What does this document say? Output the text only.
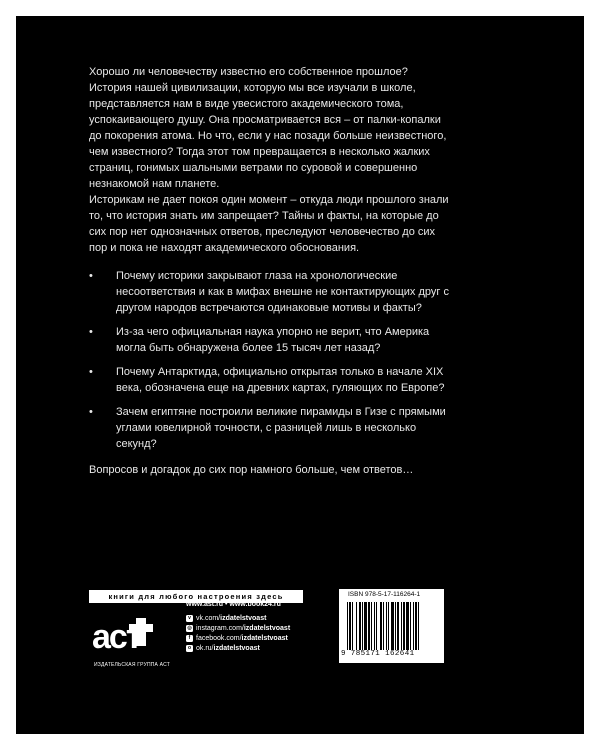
Хорошо ли человечеству известно его собственное прошлое? История нашей цивилизации, которую мы все изучали в школе, представляется нам в виде увесистого академического тома, успокаивающего душу. Она просматривается вся – от палки-копалки до покорения атома. Но что, если у нас позади больше неизвестного, чем известного? Тогда этот том превращается в несколько жалких страниц, гонимых шальными ветрами по суровой и совершенно незнакомой нам планете.

Историкам не дает покоя один момент – откуда люди прошлого знали то, что история знать им запрещает? Тайны и факты, на которые до сих пор нет однозначных ответов, преследуют человечество до сих пор и пока не находят академического обоснования.

• Почему историки закрывают глаза на хронологические несоответствия и как в мифах внешне не контактирующих друг с другом народов встречаются одинаковые мотивы и факты?
• Из-за чего официальная наука упорно не верит, что Америка могла быть обнаружена более 15 тысяч лет назад?
• Почему Антарктида, официально открытая только в начале XIX века, обозначена еще на древних картах, гуляющих по Европе?
• Зачем египтяне построили великие пирамиды в Гизе с прямыми углами ювелирной точности, с разницей лишь в несколько секунд?

Вопросов и догадок до сих пор намного больше, чем ответов…

книги для любого настроения здесь
аст
ИЗДАТЕЛЬСКАЯ ГРУППА АСТ
www.ast.ru • www.book24.ru
v vk.com/izdatelstvoast
◎ instagram.com/izdatelstvoast
f facebook.com/izdatelstvoast
o ok.ru/izdatelstvoast
ISBN 978-5-17-116264-1
9 785171 162641
